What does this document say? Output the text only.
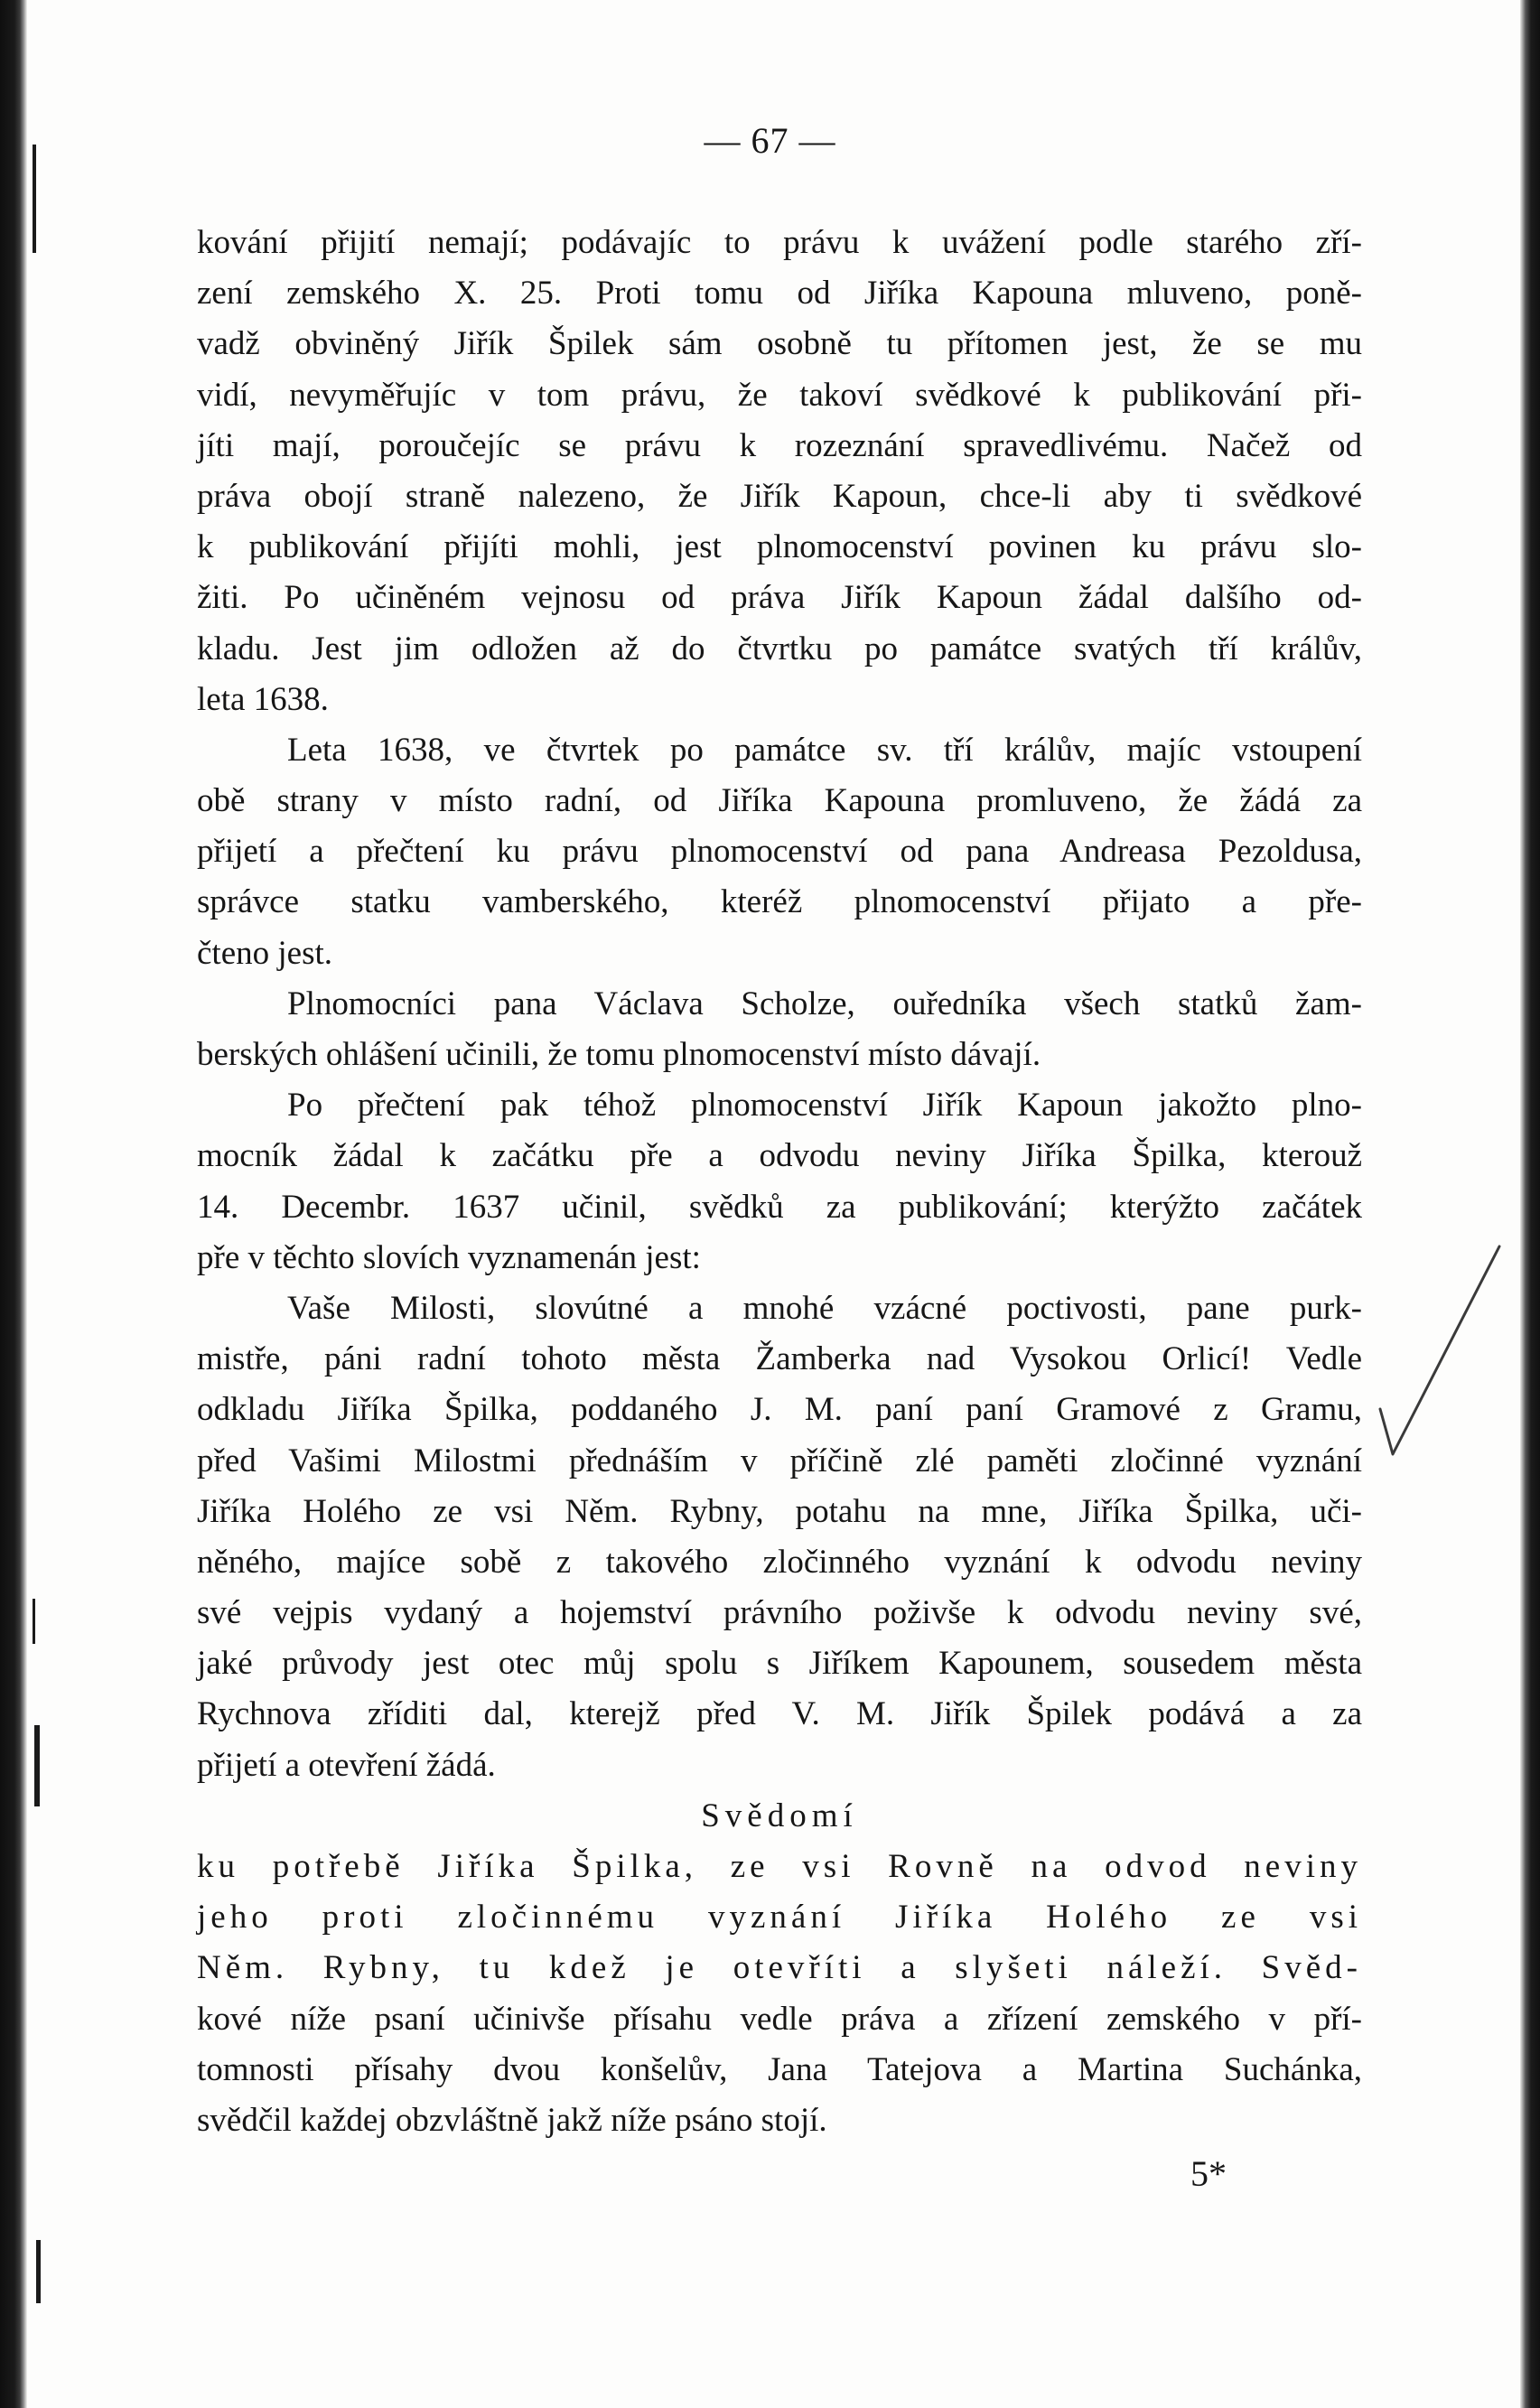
— 67 —
kování přijití nemají; podávajíc to právu k uvážení podle starého zří-
zení zemského X. 25. Proti tomu od Jiříka Kapouna mluveno, poně-
vadž obviněný Jiřík Špilek sám osobně tu přítomen jest, že se mu
vidí, nevyměřujíc v tom právu, že takoví svědkové k publikování při-
jíti mají, poroučejíc se právu k rozeznání spravedlivému. Načež od
práva obojí straně nalezeno, že Jiřík Kapoun, chce-li aby ti svědkové
k publikování přijíti mohli, jest plnomocenství povinen ku právu slo-
žiti. Po učiněném vejnosu od práva Jiřík Kapoun žádal dalšího od-
kladu. Jest jim odložen až do čtvrtku po památce svatých tří králův,
leta 1638.
Leta 1638, ve čtvrtek po památce sv. tří králův, majíc vstoupení
obě strany v místo radní, od Jiříka Kapouna promluveno, že žádá za
přijetí a přečtení ku právu plnomocenství od pana Andreasa Pezoldusa,
správce statku vamberského, kteréž plnomocenství přijato a pře-
čteno jest.
Plnomocníci pana Václava Scholze, ouředníka všech statků žam-
berských ohlášení učinili, že tomu plnomocenství místo dávají.
Po přečtení pak téhož plnomocenství Jiřík Kapoun jakožto plno-
mocník žádal k začátku pře a odvodu neviny Jiříka Špilka, kterouž
14. Decembr. 1637 učinil, svědků za publikování; kterýžto začátek
pře v těchto slovích vyznamenán jest:
Vaše Milosti, slovútné a mnohé vzácné poctivosti, pane purk-
mistře, páni radní tohoto města Žamberka nad Vysokou Orlicí! Vedle
odkladu Jiříka Špilka, poddaného J. M. paní paní Gramové z Gramu,
před Vašimi Milostmi přednáším v příčině zlé paměti zločinné vyznání
Jiříka Holého ze vsi Něm. Rybny, potahu na mne, Jiříka Špilka, uči-
něného, majíce sobě z takového zločinného vyznání k odvodu neviny
své vejpis vydaný a hojemství právního poživše k odvodu neviny své,
jaké průvody jest otec můj spolu s Jiříkem Kapounem, sousedem města
Rychnova zříditi dal, kterejž před V. M. Jiřík Špilek podává a za
přijetí a otevření žádá.
Svědomí
ku potřebě Jiříka Špilka, ze vsi Rovně na odvod neviny
jeho proti zločinnému vyznání Jiříka Holého ze vsi
Něm. Rybny, tu kdež je otevříti a slyšeti náleží. Svěd-
kové níže psaní učinivše přísahu vedle práva a zřízení zemského v pří-
tomnosti přísahy dvou konšelův, Jana Tatejova a Martina Suchánka,
svědčil každej obzvláštně jakž níže psáno stojí.
5*
